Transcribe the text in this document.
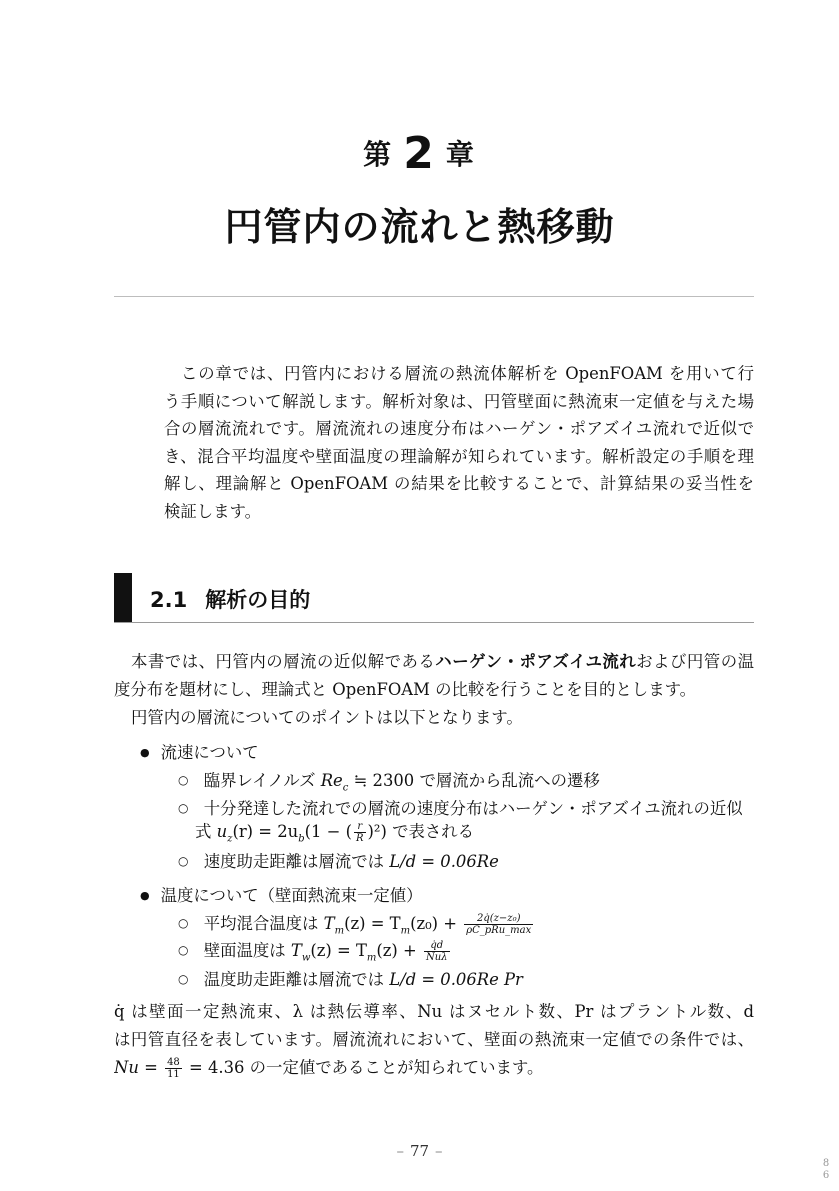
第 2 章
円管内の流れと熱移動
この章では、円管内における層流の熱流体解析を OpenFOAM を用いて行
う手順について解説します。解析対象は、円管壁面に熱流束一定値を与えた場
合の層流流れです。層流流れの速度分布はハーゲン・ポアズイユ流れで近似で
き、混合平均温度や壁面温度の理論解が知られています。解析設定の手順を理
解し、理論解と OpenFOAM の結果を比較することで、計算結果の妥当性を
検証します。
2.1 解析の目的
本書では、円管内の層流の近似解であるハーゲン・ポアズイユ流れおよび円管の温
度分布を題材にし、理論式と OpenFOAM の比較を行うことを目的とします。
円管内の層流についてのポイントは以下となります。
● 流速について
○ 臨界レイノルズ $Re_c$ ≒ 2300 で層流から乱流への遷移
○ 十分発達した流れでの層流の速度分布はハーゲン・ポアズイユ流れの近似
式 $u_z(r) = 2u_b(1$ − ( $\frac{r}{R} )^2$) で表される
○ 速度助走距離は層流では L/d = 0.06Re
● 温度について（壁面熱流束一定値）
○ 平均混合温度は $T_m(z) = T_m(z_0) + \frac{\text{2q̇(z−z₀)}}{\text{ρC\_pRu\_max}}$
○ 壁面温度は $T_w(z) = T_m(z) + \frac{q̇d}{\text{Nuλ}}$
○ 温度助走距離は層流では L/d = 0.06Re Pr
q̇ は壁面一定熱流束、λ は熱伝導率、Nu はヌセルト数、Pr はプラントル数、d
は円管直径を表しています。層流流れにおいて、壁面の熱流束一定値での条件では、
$Nu = \frac{48}{11} = 4.36$ の一定値であることが知られています。
– 77 –
8
6
